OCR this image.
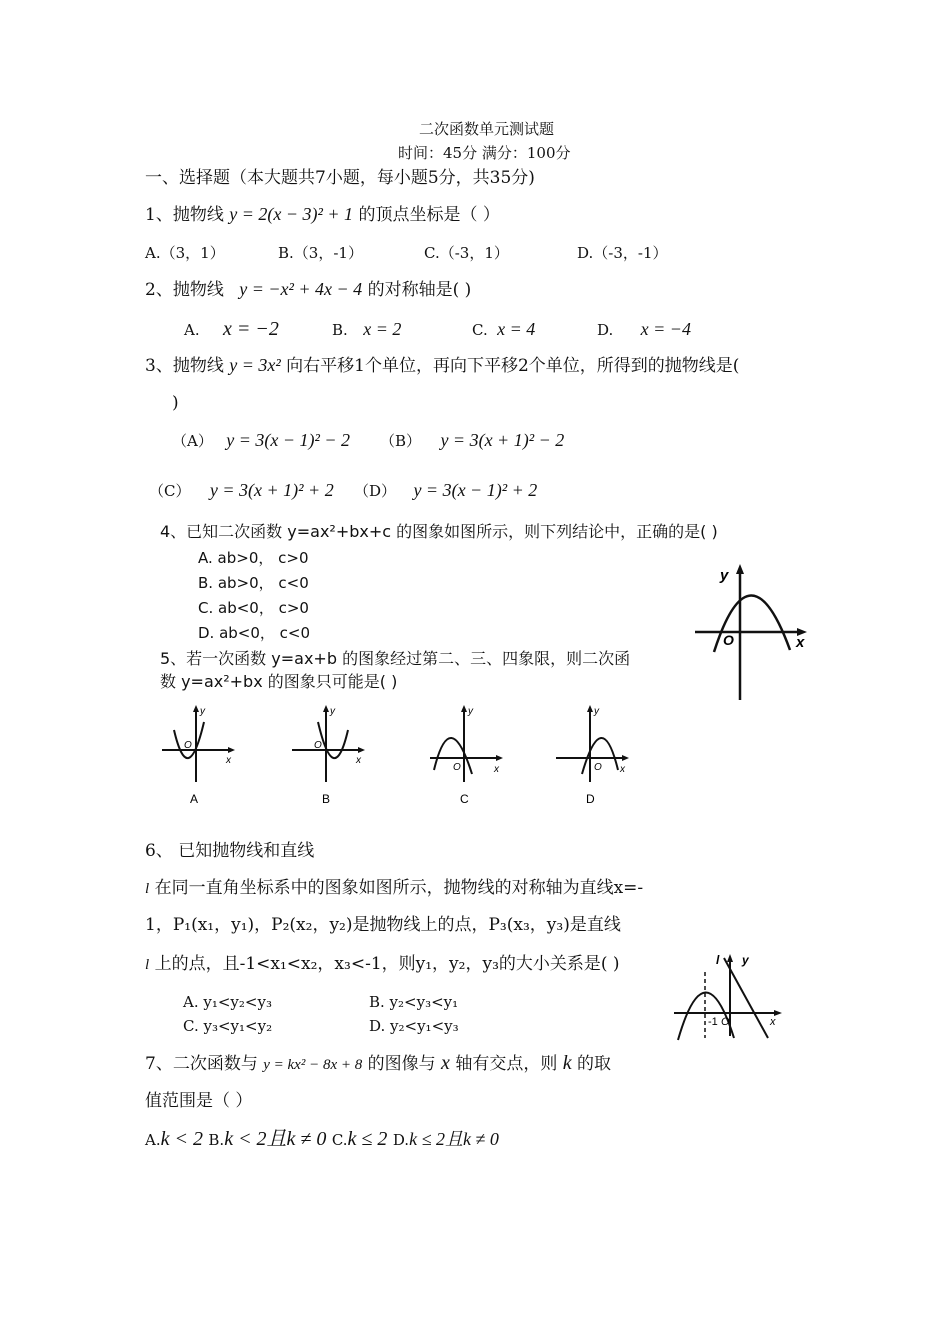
二次函数单元测试题
时间：45分 满分：100分
一、选择题（本大题共7小题，每小题5分，共35分)
1、抛物线 y = 2(x − 3)² + 1 的顶点坐标是（ ）
A.（3，1）	B.（3，-1）	C.（-3，1）	D.（-3，-1）
2、抛物线 y = −x² + 4x − 4 的对称轴是( )
A. x = −2	B. x = 2	C. x = 4	D. x = −4
3、抛物线 y = 3x² 向右平移1个单位，再向下平移2个单位，所得到的抛物线是(
)
（A） y = 3(x − 1)² − 2 （B） y = 3(x + 1)² − 2
（C） y = 3(x + 1)² + 2 （D） y = 3(x − 1)² + 2
4、已知二次函数 y=ax²+bx+c 的图象如图所示，则下列结论中，正确的是( )
A. ab>0， c>0
B. ab>0， c<0
C. ab<0， c>0
D. ab<0， c<0
y
O	x
5、若一次函数 y=ax+b 的图象经过第二、三、四象限，则二次函
数 y=ax²+bx 的图象只可能是( )
y
x
O
A
y
x
O
B
y
x
O
C
y
x
O
D
6、 已知抛物线和直线
l 在同一直角坐标系中的图象如图所示，抛物线的对称轴为直线x=-
1，P₁(x₁，y₁)，P₂(x₂，y₂)是抛物线上的点，P₃(x₃，y₃)是直线
l 上的点，且-1<x₁<x₂，x₃<-1，则y₁，y₂，y₃的大小关系是( )
A. y₁<y₂<y₃	B. y₂<y₃<y₁
C. y₃<y₁<y₂	D. y₂<y₁<y₃
l y
-1 O	x
7、二次函数与 y = kx² − 8x + 8 的图像与 x 轴有交点，则 k 的取
值范围是（ ）
A.k < 2 B.k < 2且k ≠ 0 C.k ≤ 2 D.k ≤ 2且k ≠ 0
